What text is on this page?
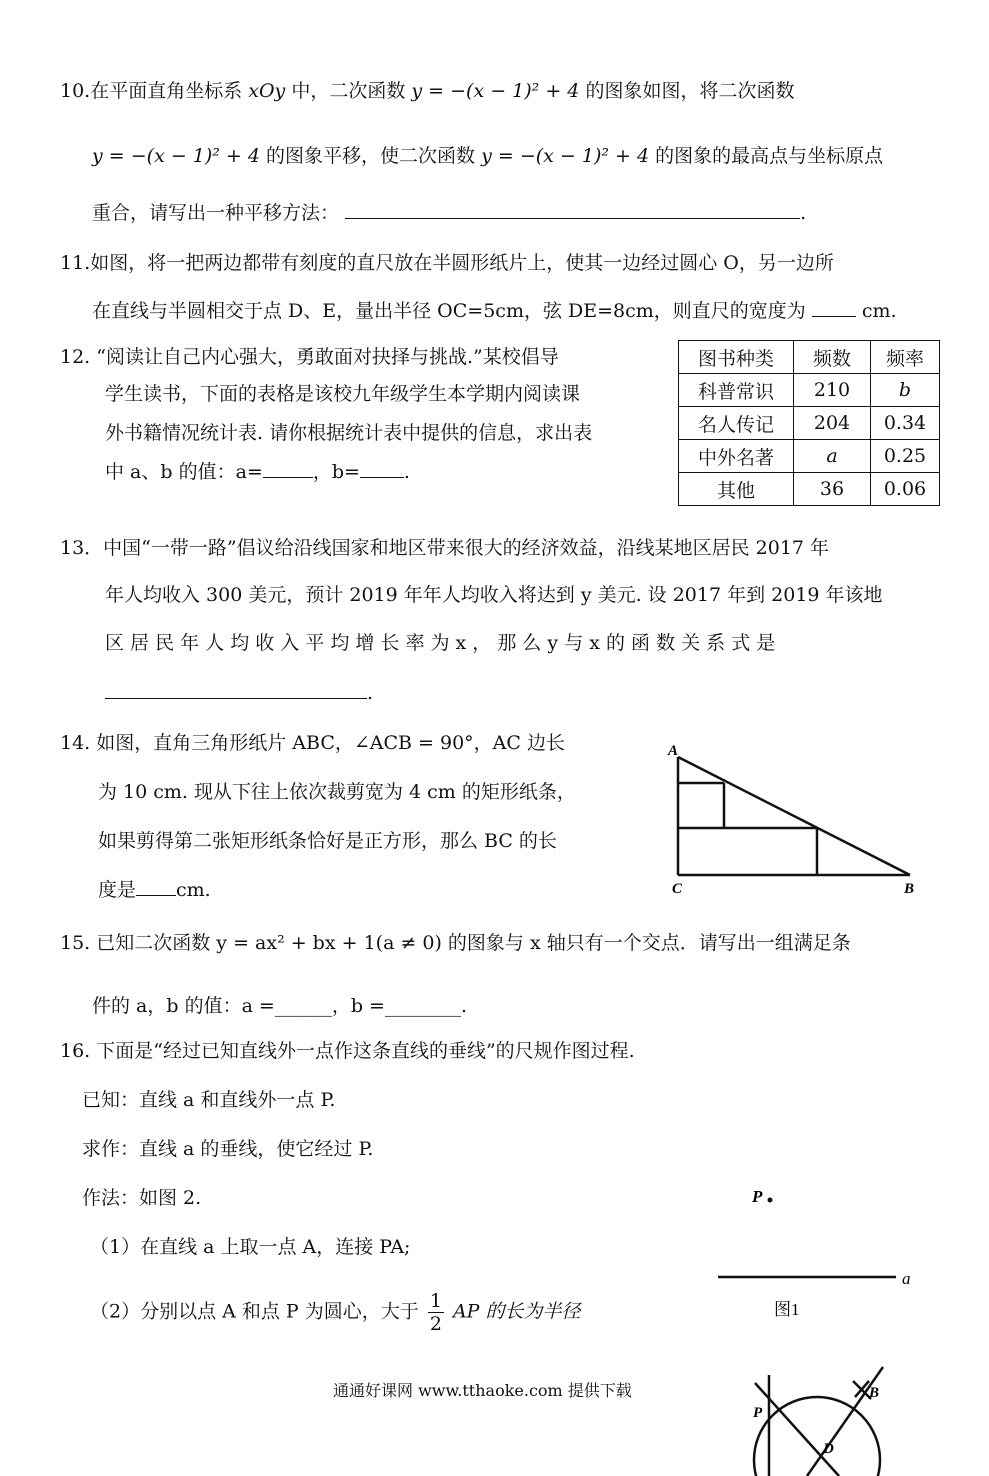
10.在平面直角坐标系 xOy 中，二次函数 y = −(x − 1)² + 4 的图象如图，将二次函数
y = −(x − 1)² + 4 的图象平移，使二次函数 y = −(x − 1)² + 4 的图象的最高点与坐标原点
重合，请写出一种平移方法：	.
11.如图，将一把两边都带有刻度的直尺放在半圆形纸片上，使其一边经过圆心 O，另一边所
在直线与半圆相交于点 D、E，量出半径 OC=5cm，弦 DE=8cm，则直尺的宽度为	cm.
12. “阅读让自己内心强大，勇敢面对抉择与挑战.”某校倡导
学生读书，下面的表格是该校九年级学生本学期内阅读课
外书籍情况统计表. 请你根据统计表中提供的信息，求出表
中 a、b 的值：a=	，b= .
图书种类	频数	频率
科普常识	210	b
名人传记	204	0.34
中外名著	a	0.25
其他	36	0.06
13．中国“一带一路”倡议给沿线国家和地区带来很大的经济效益，沿线某地区居民 2017 年
年人均收入 300 美元，预计 2019 年年人均收入将达到 y 美元. 设 2017 年到 2019 年该地
区 居 民 年 人 均 收 入 平 均 增 长 率 为 x ， 那 么 y 与 x 的 函 数 关 系 式 是
.
14. 如图，直角三角形纸片 ABC，∠ACB = 90°，AC 边长
为 10 cm. 现从下往上依次裁剪宽为 4 cm 的矩形纸条，
如果剪得第二张矩形纸条恰好是正方形，那么 BC 的长
度是 cm.
A
C	B
15. 已知二次函数 y = ax² + bx + 1(a ≠ 0) 的图象与 x 轴只有一个交点．请写出一组满足条
件的 a，b 的值：a =______，b =________.
16. 下面是“经过已知直线外一点作这条直线的垂线”的尺规作图过程.
已知：直线 a 和直线外一点 P.
求作：直线 a 的垂线，使它经过 P.
作法：如图 2.
（1）在直线 a 上取一点 A，连接 PA;
（2）分别以点 A 和点 P 为圆心，大于 $\frac{1}{2}$ AP 的长为半径
P
a
图1
P
B
D
通通好课网 www.tthaoke.com 提供下载
